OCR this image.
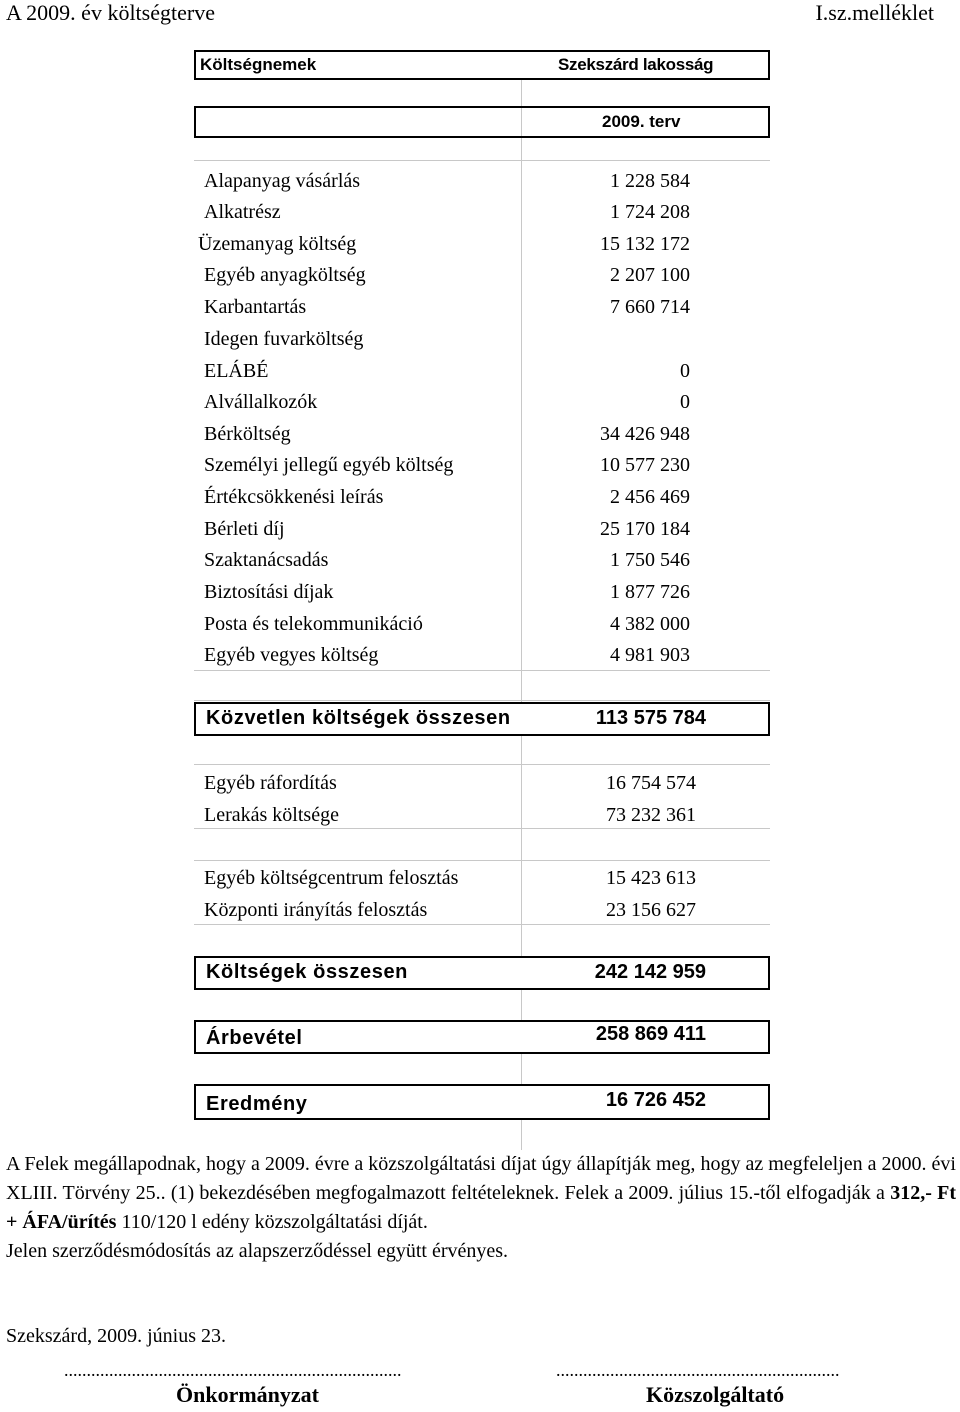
A 2009. év költségterve	I.sz.melléklet
Költségnemek	Szekszárd lakosság
2009. terv
Alapanyag vásárlás	1 228 584
Alkatrész	1 724 208
Üzemanyag költség	15 132 172
Egyéb anyagköltség	2 207 100
Karbantartás	7 660 714
Idegen fuvarköltség
ELÁBÉ	0
Alvállalkozók	0
Bérköltség	34 426 948
Személyi jellegű egyéb költség	10 577 230
Értékcsökkenési leírás	2 456 469
Bérleti díj	25 170 184
Szaktanácsadás	1 750 546
Biztosítási díjak	1 877 726
Posta és telekommunikáció	4 382 000
Egyéb vegyes költség	4 981 903
Közvetlen költségek összesen	113 575 784
Egyéb ráfordítás	16 754 574
Lerakás költsége	73 232 361
Egyéb költségcentrum felosztás	15 423 613
Központi irányítás felosztás	23 156 627
Költségek összesen	242 142 959
Árbevétel	258 869 411
Eredmény	16 726 452

A Felek megállapodnak, hogy a 2009. évre a közszolgáltatási díjat úgy állapítják meg, hogy az megfeleljen a 2000. évi XLIII. Törvény 25.. (1) bekezdésében megfogalmazott feltételeknek. Felek a 2009. július 15.-től elfogadják a 312,- Ft + ÁFA/ürítés 110/120 l edény közszolgáltatási díját.

Jelen szerződésmódosítás az alapszerződéssel együtt érvényes.

Szekszárd, 2009. június 23.
...........................................................................
Önkormányzat
...............................................................
Közszolgáltató
